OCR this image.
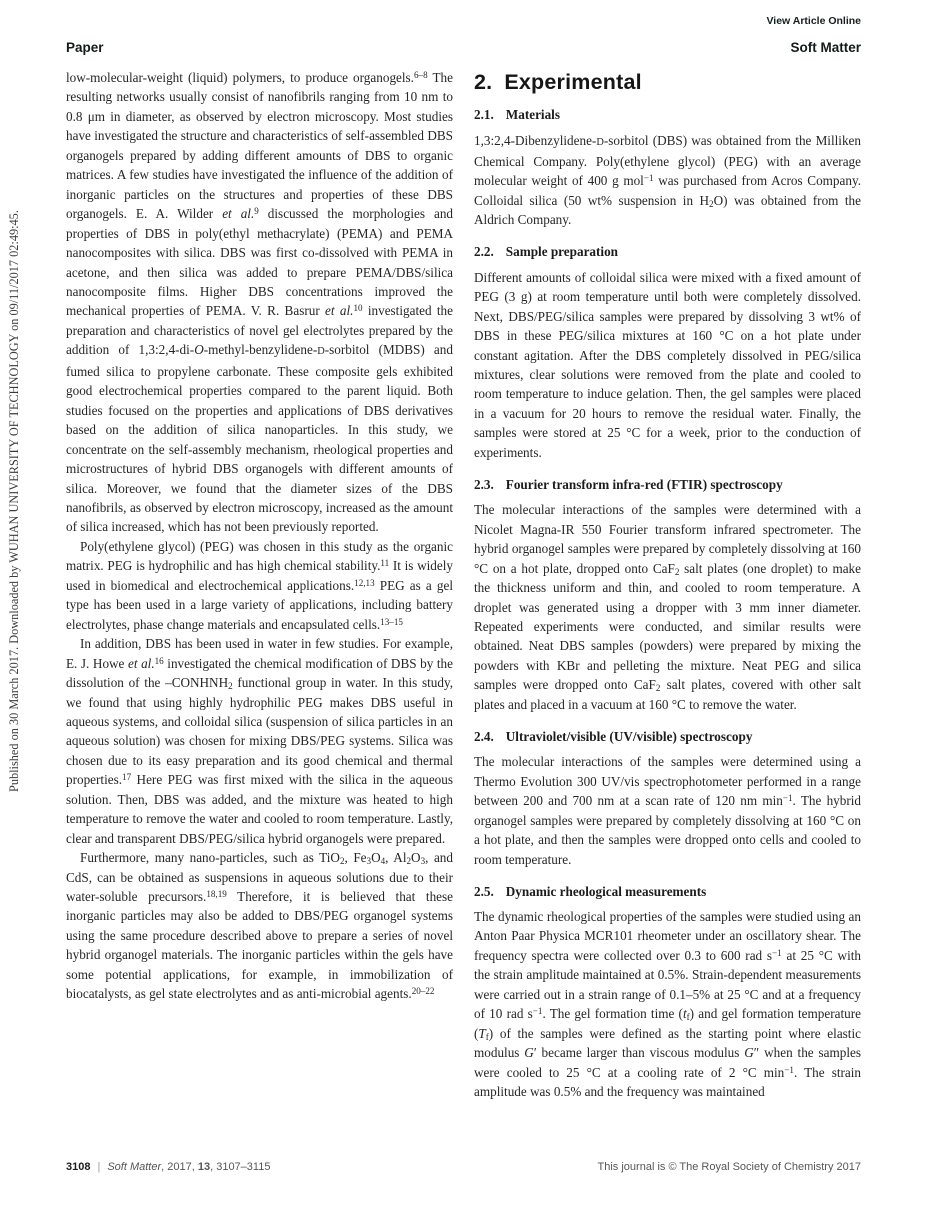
View Article Online
Paper	Soft Matter
Published on 30 March 2017. Downloaded by WUHAN UNIVERSITY OF TECHNOLOGY on 09/11/2017 02:49:45.

low-molecular-weight (liquid) polymers, to produce organogels.$^{6-8}$ The resulting networks usually consist of nanofibrils ranging from 10 nm to 0.8 μm in diameter, as observed by electron microscopy. Most studies have investigated the structure and characteristics of self-assembled DBS organogels prepared by adding different amounts of DBS to organic matrices. A few studies have investigated the influence of the addition of inorganic particles on the structures and properties of these DBS organogels. E. A. Wilder et al.$^9$ discussed the morphologies and properties of DBS in poly(ethyl methacrylate) (PEMA) and PEMA nanocomposites with silica. DBS was first co-dissolved with PEMA in acetone, and then silica was added to prepare PEMA/DBS/silica nanocomposite films. Higher DBS concentrations improved the mechanical properties of PEMA. V. R. Basrur et al.$^{10}$ investigated the preparation and characteristics of novel gel electrolytes prepared by the addition of 1,3:2,4-di-O-methyl-benzylidene-D-sorbitol (MDBS) and fumed silica to propylene carbonate. These composite gels exhibited good electrochemical properties compared to the parent liquid. Both studies focused on the properties and applications of DBS derivatives based on the addition of silica nanoparticles. In this study, we concentrate on the self-assembly mechanism, rheological properties and microstructures of hybrid DBS organogels with different amounts of silica. Moreover, we found that the diameter sizes of the DBS nanofibrils, as observed by electron microscopy, increased as the amount of silica increased, which has not been previously reported.

Poly(ethylene glycol) (PEG) was chosen in this study as the organic matrix. PEG is hydrophilic and has high chemical stability.$^{11}$ It is widely used in biomedical and electrochemical applications.$^{12,13}$ PEG as a gel type has been used in a large variety of applications, including battery electrolytes, phase change materials and encapsulated cells.$^{13-15}$

In addition, DBS has been used in water in few studies. For example, E. J. Howe et al.$^{16}$ investigated the chemical modification of DBS by the dissolution of the $-CONHNH_2$ functional group in water. In this study, we found that using highly hydrophilic PEG makes DBS useful in aqueous systems, and colloidal silica (suspension of silica particles in an aqueous solution) was chosen for mixing DBS/PEG systems. Silica was chosen due to its easy preparation and its good chemical and thermal properties.$^{17}$ Here PEG was first mixed with the silica in the aqueous solution. Then, DBS was added, and the mixture was heated to high temperature to remove the water and cooled to room temperature. Lastly, clear and transparent DBS/PEG/silica hybrid organogels were prepared.

Furthermore, many nano-particles, such as TiO$_2$, $Fe_3O_4$, $Al_2O_3$, and CdS, can be obtained as suspensions in aqueous solutions due to their water-soluble precursors.$^{18,19}$ Therefore, it is believed that these inorganic particles may also be added to DBS/PEG organogel systems using the same procedure described above to prepare a series of novel hybrid organogel materials. The inorganic particles within the gels have some potential applications, for example, in immobilization of biocatalysts, as gel state electrolytes and as anti-microbial agents.$^{20-22}$

2. Experimental
2.1. Materials

1,3:2,4-Dibenzylidene-D-sorbitol (DBS) was obtained from the Milliken Chemical Company. Poly(ethylene glycol) (PEG) with an average molecular weight of 400 g mol$^{-1}$ was purchased from Acros Company. Colloidal silica (50 wt% suspension in $H_2O$) was obtained from the Aldrich Company.

2.2. Sample preparation

Different amounts of colloidal silica were mixed with a fixed amount of PEG (3 g) at room temperature until both were completely dissolved. Next, DBS/PEG/silica samples were prepared by dissolving 3 wt% of DBS in these PEG/silica mixtures at 160 °C on a hot plate under constant agitation. After the DBS completely dissolved in PEG/silica mixtures, clear solutions were removed from the plate and cooled to room temperature to induce gelation. Then, the gel samples were placed in a vacuum for 20 hours to remove the residual water. Finally, the samples were stored at 25 °C for a week, prior to the conduction of experiments.

2.3. Fourier transform infra-red (FTIR) spectroscopy

The molecular interactions of the samples were determined with a Nicolet Magna-IR 550 Fourier transform infrared spectrometer. The hybrid organogel samples were prepared by completely dissolving at 160 °C on a hot plate, dropped onto CaF$_2$ salt plates (one droplet) to make the thickness uniform and thin, and cooled to room temperature. A droplet was generated using a dropper with 3 mm inner diameter. Repeated experiments were conducted, and similar results were obtained. Neat DBS samples (powders) were prepared by mixing the powders with KBr and pelleting the mixture. Neat PEG and silica samples were dropped onto CaF$_2$ salt plates, covered with other salt plates and placed in a vacuum at 160 °C to remove the water.

2.4. Ultraviolet/visible (UV/visible) spectroscopy

The molecular interactions of the samples were determined using a Thermo Evolution 300 UV/vis spectrophotometer performed in a range between 200 and 700 nm at a scan rate of 120 nm $\min^{-1}$. The hybrid organogel samples were prepared by completely dissolving at 160 °C on a hot plate, and then the samples were dropped onto cells and cooled to room temperature.

2.5. Dynamic rheological measurements

The dynamic rheological properties of the samples were studied using an Anton Paar Physica MCR101 rheometer under an oscillatory shear. The frequency spectra were collected over 0.3 to 600 rad $s^{-1}$ at 25 °C with the strain amplitude maintained at 0.5%. Strain-dependent measurements were carried out in a strain range of 0.1–5% at 25 °C and at a frequency of 10 rad $s^{-1}$. The gel formation time $(t_f)$ and gel formation temperature $(T_f)$ of the samples were defined as the starting point where elastic modulus G′ became larger than viscous modulus G″ when the samples were cooled to 25 °C at a cooling rate of 2 °C $\min^{-1}$. The strain amplitude was 0.5% and the frequency was maintained

3108 | Soft Matter, 2017, 13, 3107–3115	This journal is © The Royal Society of Chemistry 2017
